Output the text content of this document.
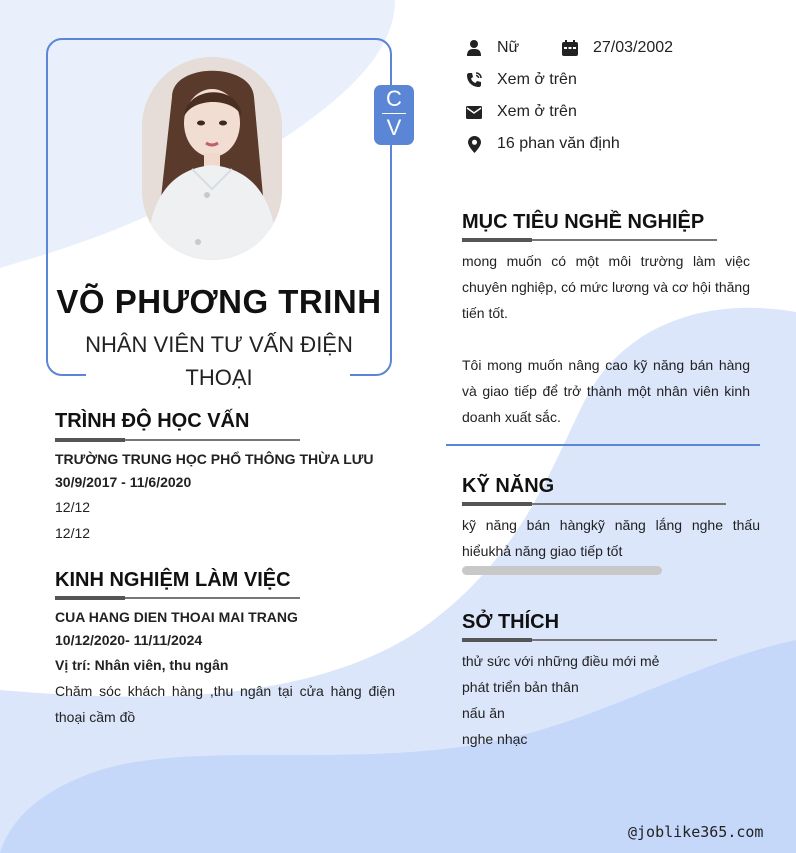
C
V
VÕ PHƯƠNG TRINH
NHÂN VIÊN TƯ VẤN ĐIỆN THOẠI
Nữ	27/03/2002
Xem ở trên
Xem ở trên
16 phan văn định
TRÌNH ĐỘ HỌC VẤN
TRƯỜNG TRUNG HỌC PHỔ THÔNG THỪA LƯU
30/9/2017 - 11/6/2020
12/12
12/12
KINH NGHIỆM LÀM VIỆC
CUA HANG DIEN THOAI MAI TRANG
10/12/2020- 11/11/2024
Vị trí: Nhân viên, thu ngân
Chăm sóc khách hàng ,thu ngân tại cửa hàng điện thoại cầm đồ
MỤC TIÊU NGHỀ NGHIỆP
mong muốn có một môi trường làm việc chuyên nghiệp, có mức lương và cơ hội thăng tiến tốt.
Tôi mong muốn nâng cao kỹ năng bán hàng và giao tiếp để trở thành một nhân viên kinh doanh xuất sắc.
KỸ NĂNG
kỹ năng bán hàngkỹ năng lắng nghe thấu hiểukhả năng giao tiếp tốt
SỞ THÍCH
thử sức với những điều mới mẻ
phát triển bản thân
nấu ăn
nghe nhạc
@joblike365.com
